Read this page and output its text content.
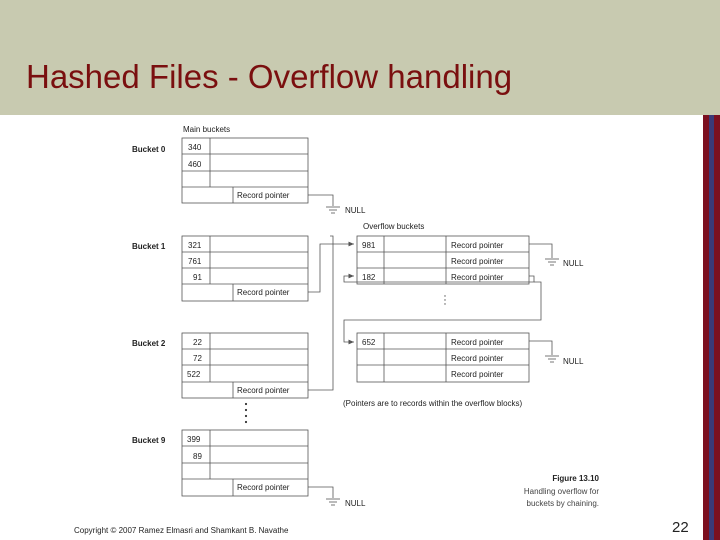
Hashed Files - Overflow handling
Main buckets
Bucket 0	340
460
Record pointer
NULL
Overflow buckets
Bucket 1	321
761
91
Record pointer
981
182
Record pointer
Record pointer
Record pointer
NULL
Bucket 2	22
72
522
Record pointer
652	Record pointer
Record pointer
Record pointer
NULL
(Pointers are to records within the overflow blocks)
Bucket 9	399
89
Record pointer
NULL
Figure 13.10
Handling overflow for
buckets by chaining.
Copyright © 2007 Ramez Elmasri and Shamkant B. Navathe	22
